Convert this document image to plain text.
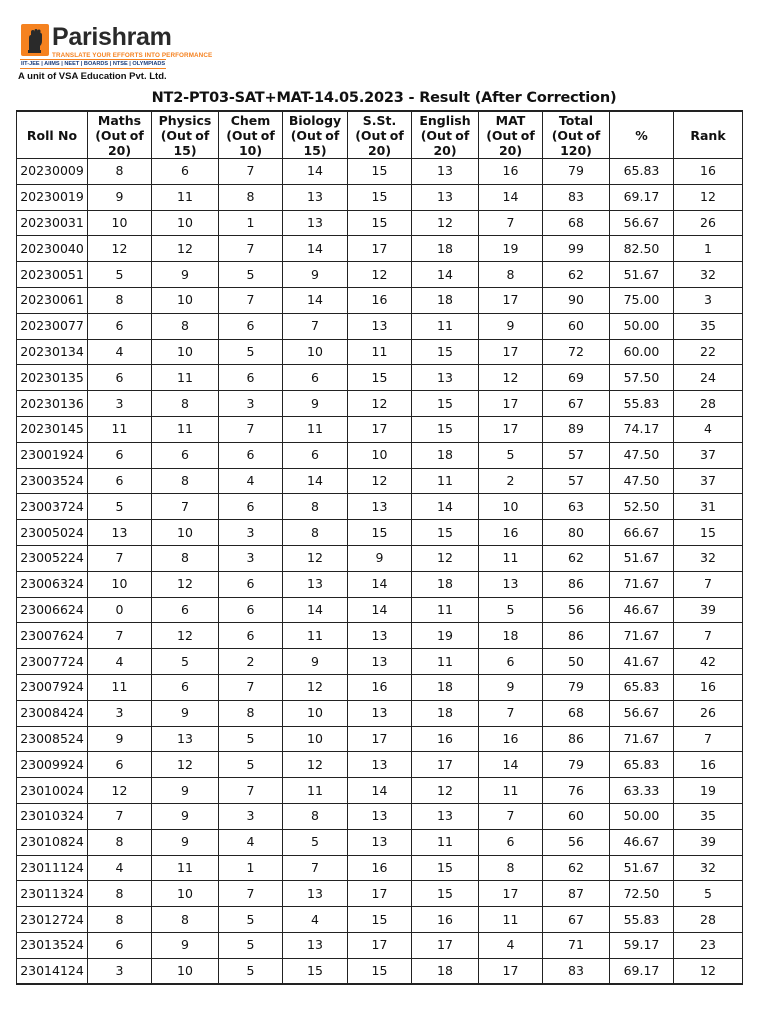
Parishram
TRANSLATE YOUR EFFORTS INTO PERFORMANCE
IIT-JEE | AIIMS | NEET | BOARDS | NTSE | OLYMPIADS
A unit of VSA Education Pvt. Ltd.
NT2-PT03-SAT+MAT-14.05.2023 - Result (After Correction)
Roll No	Maths (Out of 20)	Physics (Out of 15)	Chem (Out of 10)	Biology (Out of 15)	S.St. (Out of 20)	English (Out of 20)	MAT (Out of 20)	Total (Out of 120)	%	Rank

20230009	8	6	7	14	15	13	16	79	65.83	16
20230019	9	11	8	13	15	13	14	83	69.17	12
20230031	10	10	1	13	15	12	7	68	56.67	26
20230040	12	12	7	14	17	18	19	99	82.50	1
20230051	5	9	5	9	12	14	8	62	51.67	32
20230061	8	10	7	14	16	18	17	90	75.00	3
20230077	6	8	6	7	13	11	9	60	50.00	35
20230134	4	10	5	10	11	15	17	72	60.00	22
20230135	6	11	6	6	15	13	12	69	57.50	24
20230136	3	8	3	9	12	15	17	67	55.83	28
20230145	11	11	7	11	17	15	17	89	74.17	4
23001924	6	6	6	6	10	18	5	57	47.50	37
23003524	6	8	4	14	12	11	2	57	47.50	37
23003724	5	7	6	8	13	14	10	63	52.50	31
23005024	13	10	3	8	15	15	16	80	66.67	15
23005224	7	8	3	12	9	12	11	62	51.67	32
23006324	10	12	6	13	14	18	13	86	71.67	7
23006624	0	6	6	14	14	11	5	56	46.67	39
23007624	7	12	6	11	13	19	18	86	71.67	7
23007724	4	5	2	9	13	11	6	50	41.67	42
23007924	11	6	7	12	16	18	9	79	65.83	16
23008424	3	9	8	10	13	18	7	68	56.67	26
23008524	9	13	5	10	17	16	16	86	71.67	7
23009924	6	12	5	12	13	17	14	79	65.83	16
23010024	12	9	7	11	14	12	11	76	63.33	19
23010324	7	9	3	8	13	13	7	60	50.00	35
23010824	8	9	4	5	13	11	6	56	46.67	39
23011124	4	11	1	7	16	15	8	62	51.67	32
23011324	8	10	7	13	17	15	17	87	72.50	5
23012724	8	8	5	4	15	16	11	67	55.83	28
23013524	6	9	5	13	17	17	4	71	59.17	23
23014124	3	10	5	15	15	18	17	83	69.17	12
